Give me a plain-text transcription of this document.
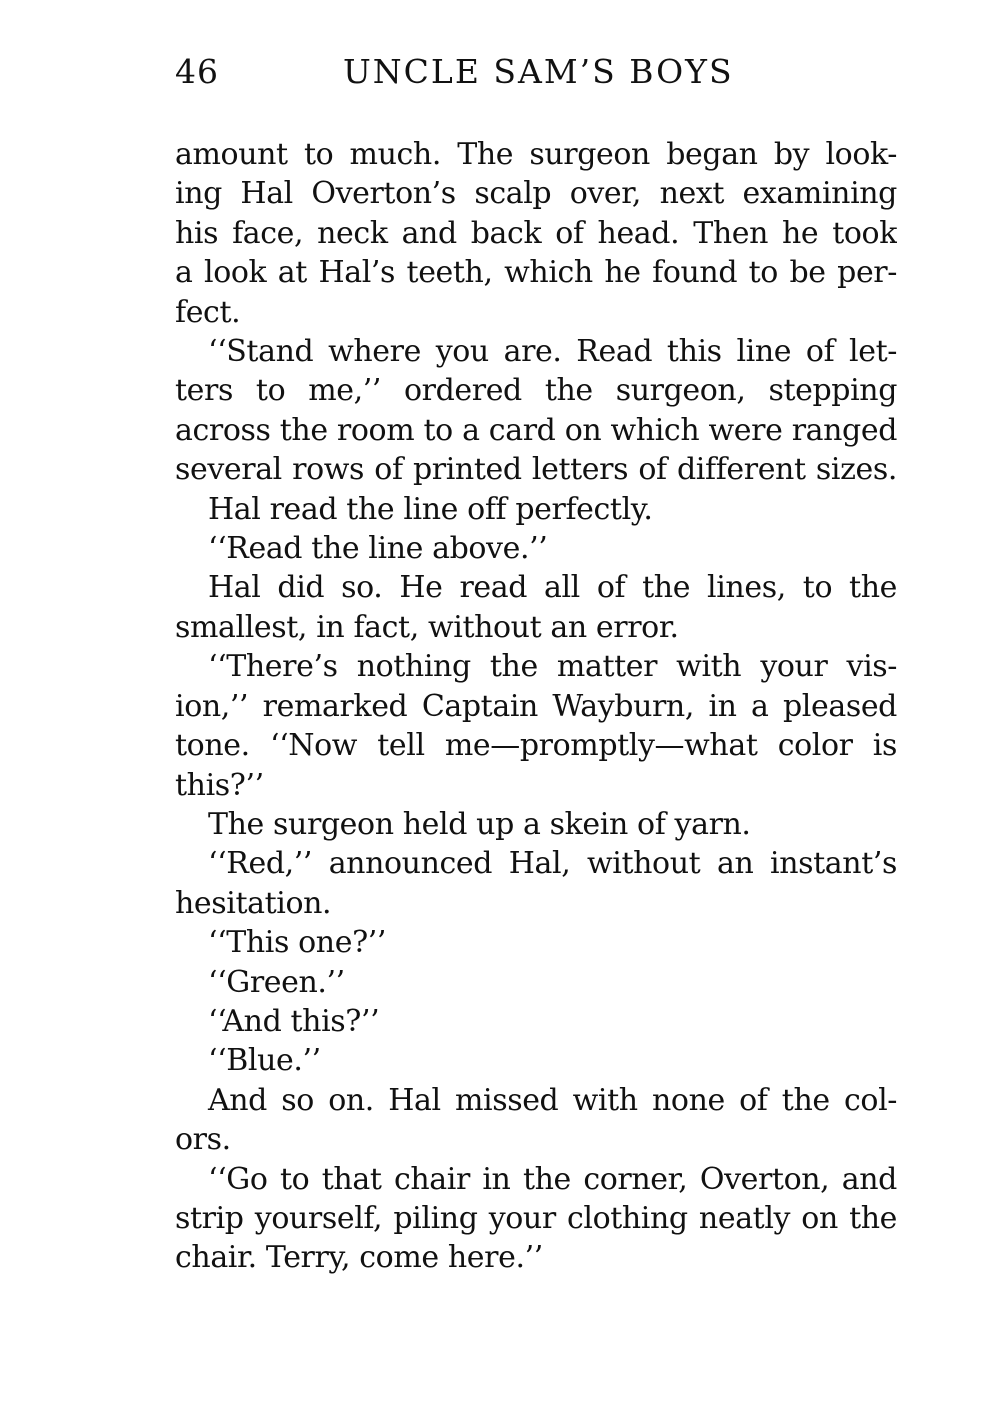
46	UNCLE SAM’S BOYS
amount to much. The surgeon began by look-
ing Hal Overton’s scalp over, next examining
his face, neck and back of head. Then he took
a look at Hal’s teeth, which he found to be per-
fect.
‘‘Stand where you are. Read this line of let-
ters to me,’’ ordered the surgeon, stepping
across the room to a card on which were ranged
several rows of printed letters of different sizes.
Hal read the line off perfectly.
‘‘Read the line above.’’
Hal did so. He read all of the lines, to the
smallest, in fact, without an error.
‘‘There’s nothing the matter with your vis-
ion,’’ remarked Captain Wayburn, in a pleased
tone. ‘‘Now tell me—promptly—what color is
this?’’
The surgeon held up a skein of yarn.
‘‘Red,’’ announced Hal, without an instant’s
hesitation.
‘‘This one?’’
‘‘Green.’’
‘‘And this?’’
‘‘Blue.’’
And so on. Hal missed with none of the col-
ors.
‘‘Go to that chair in the corner, Overton, and
strip yourself, piling your clothing neatly on the
chair. Terry, come here.’’
